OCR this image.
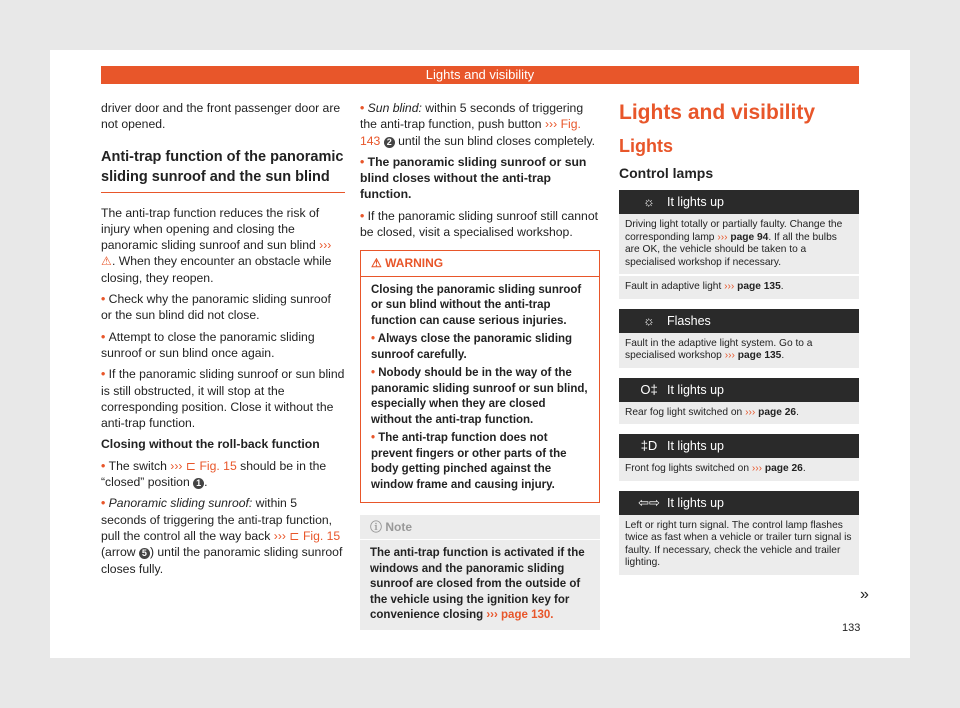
Lights and visibility

driver door and the front passenger door are not opened.

Anti-trap function of the panoramic sliding sunroof and the sun blind

The anti-trap function reduces the risk of injury when opening and closing the panoramic sliding sunroof and sun blind ››› ⚠. When they encounter an obstacle while closing, they reopen.

• Check why the panoramic sliding sunroof or the sun blind did not close.

• Attempt to close the panoramic sliding sunroof or sun blind once again.

• If the panoramic sliding sunroof or sun blind is still obstructed, it will stop at the corresponding position. Close it without the anti-trap function.

Closing without the roll-back function

• The switch ››› ⊏ Fig. 15 should be in the “closed” position 1 .

• Panoramic sliding sunroof: within 5 seconds of triggering the anti-trap function, pull the control all the way back ››› ⊏ Fig. 15 (arrow 5 ) until the panoramic sliding sunroof closes fully.

• Sun blind: within 5 seconds of triggering the anti-trap function, push button ››› Fig. 143 2 until the sun blind closes completely.

• The panoramic sliding sunroof or sun blind closes without the anti-trap function.

• If the panoramic sliding sunroof still cannot be closed, visit a specialised workshop.

⚠ WARNING

Closing the panoramic sliding sunroof or sun blind without the anti-trap function can cause serious injuries.

• Always close the panoramic sliding sunroof carefully.

• Nobody should be in the way of the panoramic sliding sunroof or sun blind, especially when they are closed without the anti-trap function.

• The anti-trap function does not prevent fingers or other parts of the body getting pinched against the window frame and causing injury.

ⓘ Note
The anti-trap function is activated if the windows and the panoramic sliding sunroof are closed from the outside of the vehicle using the ignition key for convenience closing ››› page 130.
Lights and visibility
Lights
Control lamps
☼ It lights up
Driving light totally or partially faulty. Change the corresponding lamp ››› page 94. If all the bulbs are OK, the vehicle should be taken to a specialised workshop if necessary.
Fault in adaptive light ››› page 135.
☼ Flashes
Fault in the adaptive light system. Go to a specialised workshop ››› page 135.
O‡ It lights up
Rear fog light switched on ››› page 26.
‡D It lights up
Front fog lights switched on ››› page 26.
⇦⇨ It lights up
Left or right turn signal. The control lamp flashes twice as fast when a vehicle or trailer turn signal is faulty. If necessary, check the vehicle and trailer lighting.
»
133
